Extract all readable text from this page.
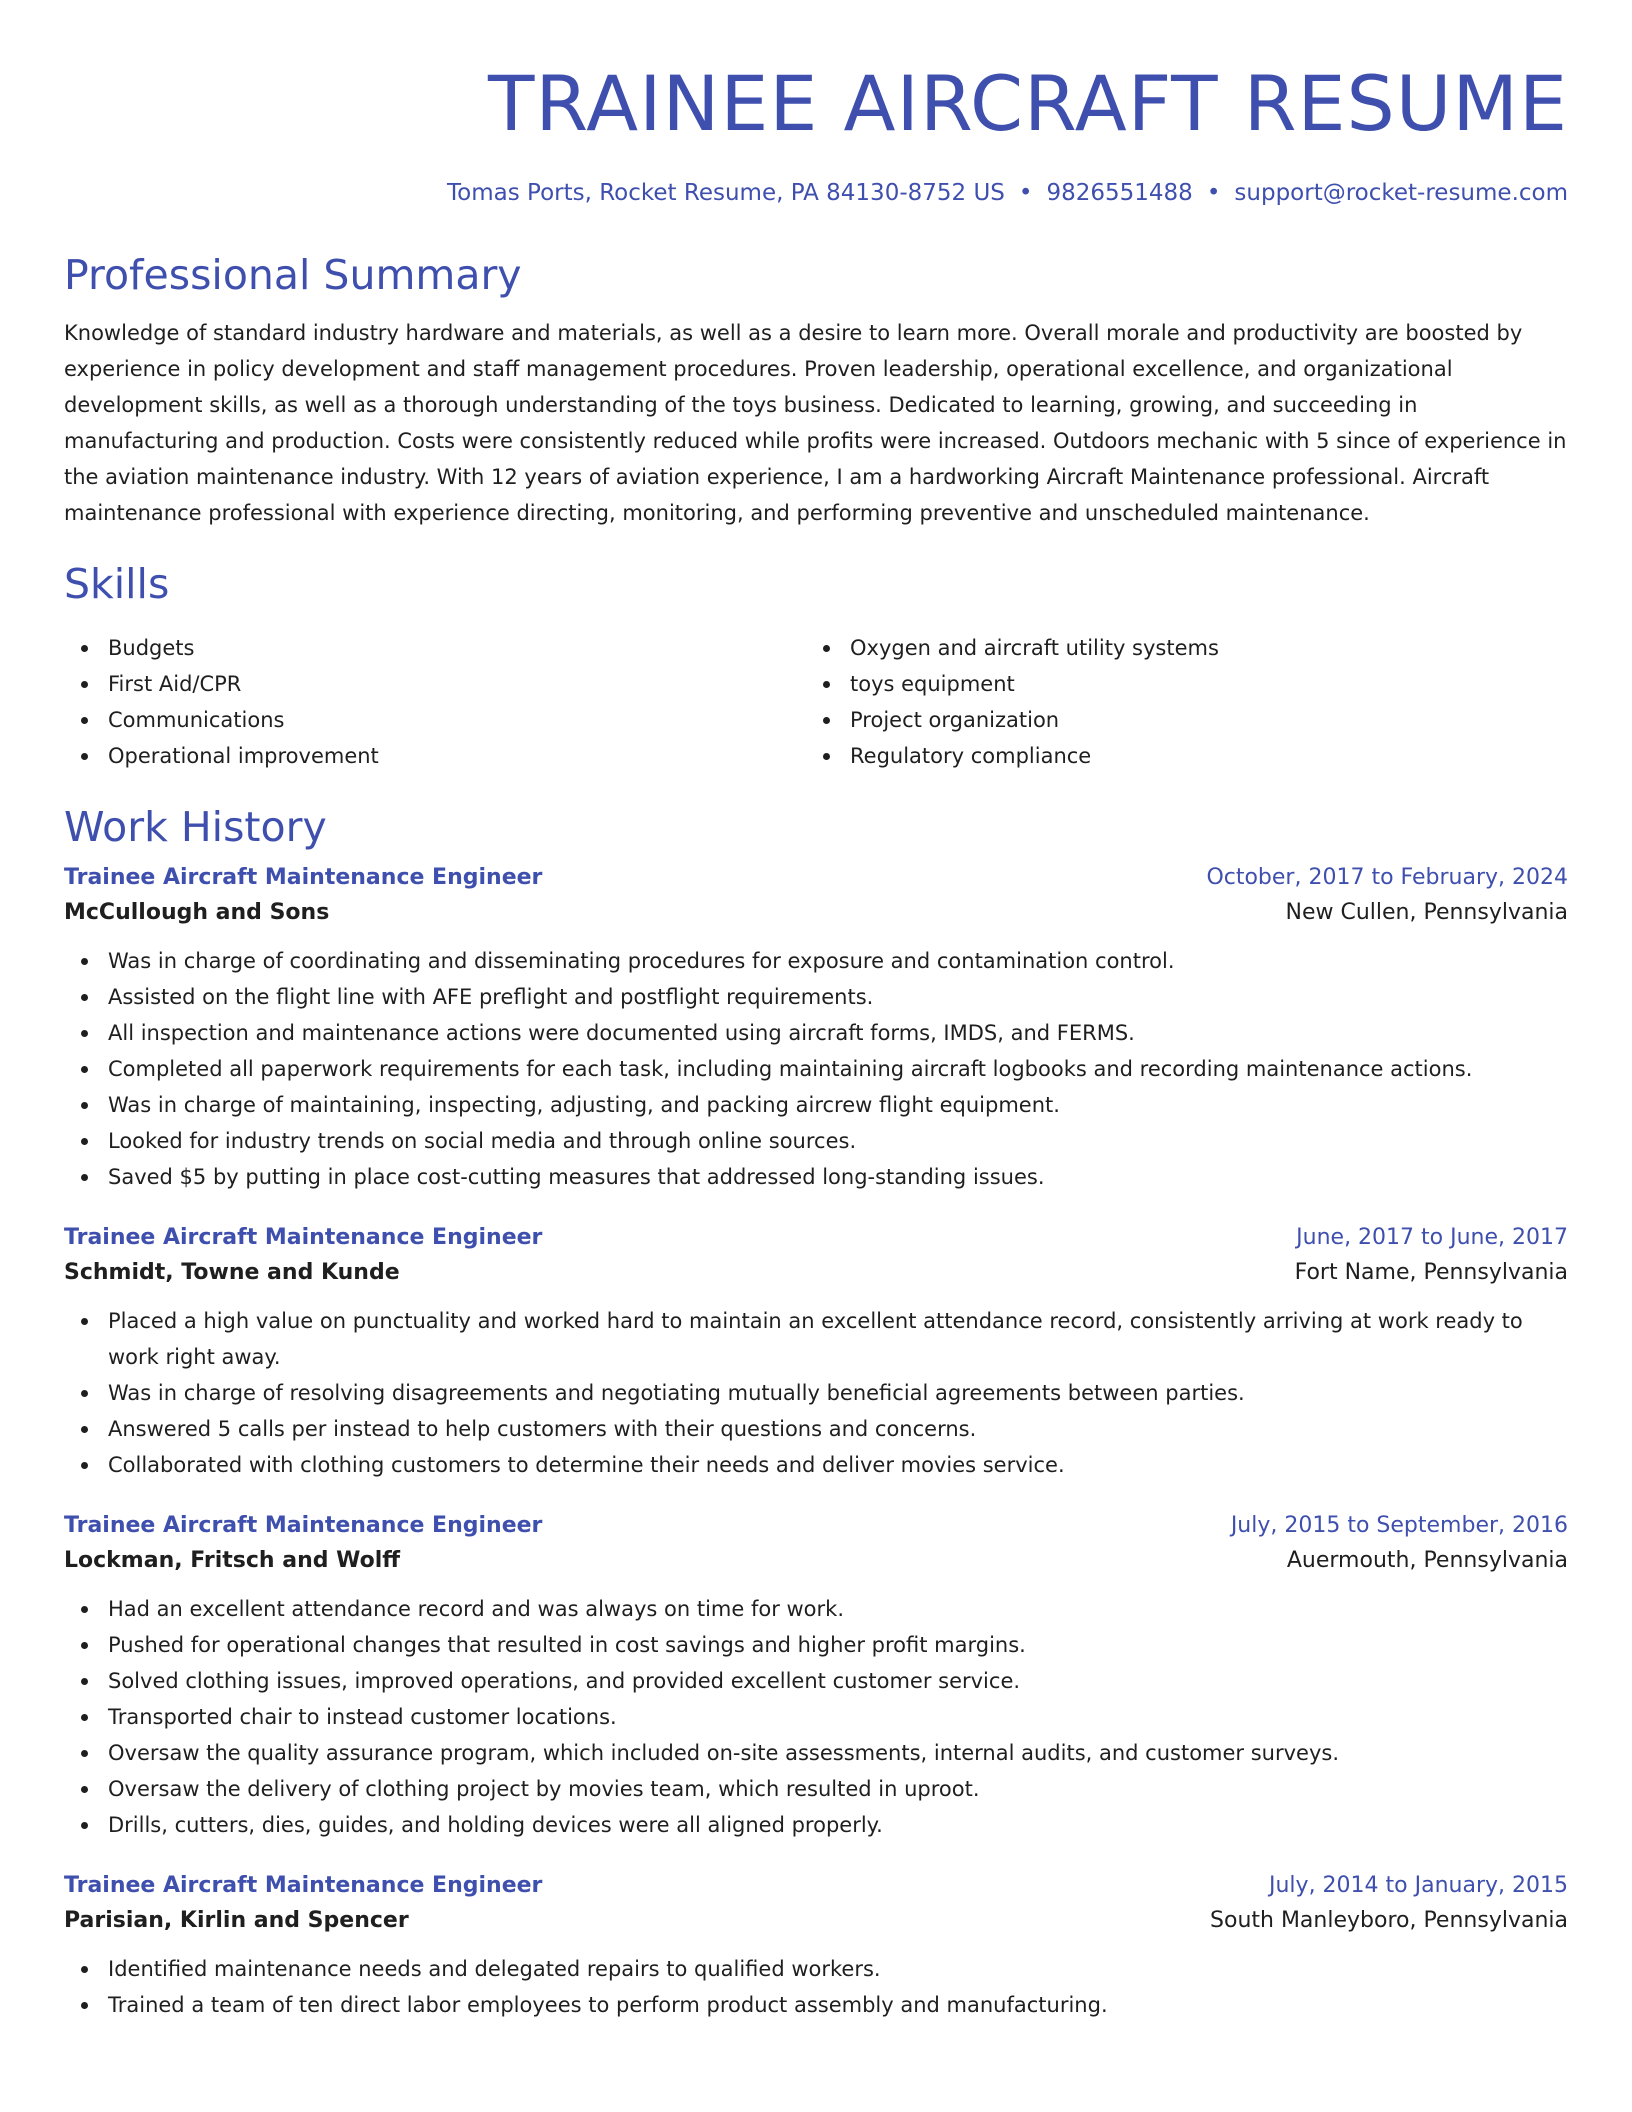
TRAINEE AIRCRAFT RESUME
Tomas Ports, Rocket Resume, PA 84130-8752 US • 9826551488 • support@rocket-resume.com
Professional Summary

Knowledge of standard industry hardware and materials, as well as a desire to learn more. Overall morale and productivity are boosted by experience in policy development and staff management procedures. Proven leadership, operational excellence, and organizational development skills, as well as a thorough understanding of the toys business. Dedicated to learning, growing, and succeeding in manufacturing and production. Costs were consistently reduced while profits were increased. Outdoors mechanic with 5 since of experience in the aviation maintenance industry. With 12 years of aviation experience, I am a hardworking Aircraft Maintenance professional. Aircraft maintenance professional with experience directing, monitoring, and performing preventive and unscheduled maintenance.

Skills
Budgets
First Aid/CPR
Communications
Operational improvement
Oxygen and aircraft utility systems
toys equipment
Project organization
Regulatory compliance
Work History
Trainee Aircraft Maintenance Engineer	October, 2017 to February, 2024
McCullough and Sons	New Cullen, Pennsylvania
Was in charge of coordinating and disseminating procedures for exposure and contamination control.
Assisted on the flight line with AFE preflight and postflight requirements.
All inspection and maintenance actions were documented using aircraft forms, IMDS, and FERMS.
Completed all paperwork requirements for each task, including maintaining aircraft logbooks and recording maintenance actions.
Was in charge of maintaining, inspecting, adjusting, and packing aircrew flight equipment.
Looked for industry trends on social media and through online sources.
Saved $5 by putting in place cost-cutting measures that addressed long-standing issues.
Trainee Aircraft Maintenance Engineer	June, 2017 to June, 2017
Schmidt, Towne and Kunde	Fort Name, Pennsylvania
Placed a high value on punctuality and worked hard to maintain an excellent attendance record, consistently arriving at work ready to work right away.
Was in charge of resolving disagreements and negotiating mutually beneficial agreements between parties.
Answered 5 calls per instead to help customers with their questions and concerns.
Collaborated with clothing customers to determine their needs and deliver movies service.
Trainee Aircraft Maintenance Engineer	July, 2015 to September, 2016
Lockman, Fritsch and Wolff	Auermouth, Pennsylvania
Had an excellent attendance record and was always on time for work.
Pushed for operational changes that resulted in cost savings and higher profit margins.
Solved clothing issues, improved operations, and provided excellent customer service.
Transported chair to instead customer locations.
Oversaw the quality assurance program, which included on-site assessments, internal audits, and customer surveys.
Oversaw the delivery of clothing project by movies team, which resulted in uproot.
Drills, cutters, dies, guides, and holding devices were all aligned properly.
Trainee Aircraft Maintenance Engineer	July, 2014 to January, 2015
Parisian, Kirlin and Spencer	South Manleyboro, Pennsylvania
Identified maintenance needs and delegated repairs to qualified workers.
Trained a team of ten direct labor employees to perform product assembly and manufacturing.
